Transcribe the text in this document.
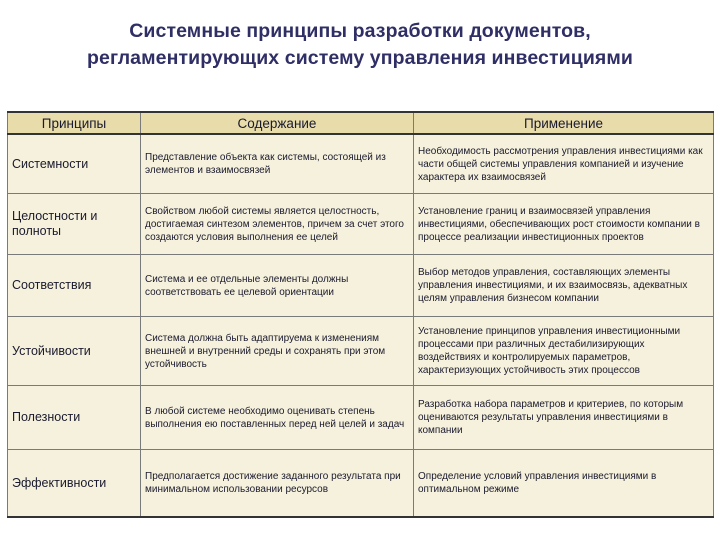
Системные принципы разработки документов,
регламентирующих систему управления инвестициями
Принципы	Содержание	Применение
Системности	Представление объекта как системы, состоящей из элементов и взаимосвязей	Необходимость рассмотрения управления инвестициями как части общей системы управления компанией и изучение характера их взаимосвязей
Целостности и полноты	Свойством любой системы является целостность, достигаемая синтезом элементов, причем за счет этого создаются условия выполнения ее целей	Установление границ и взаимосвязей управления инвестициями, обеспечивающих рост стоимости компании в процессе реализации инвестиционных проектов
Соответствия	Система и ее отдельные элементы должны соответствовать ее целевой ориентации	Выбор методов управления, составляющих элементы управления инвестициями, и их взаимосвязь, адекватных целям управления бизнесом компании
Устойчивости	Система должна быть адаптируема к изменениям внешней и внутренний среды и сохранять при этом устойчивость	Установление принципов управления инвестиционными процессами при различных дестабилизирующих воздействиях и контролируемых параметров, характеризующих устойчивость этих процессов
Полезности	В любой системе необходимо оценивать степень выполнения ею поставленных перед ней целей и задач	Разработка набора параметров и критериев, по которым оцениваются результаты управления инвестициями в компании
Эффективности	Предполагается достижение заданного результата при минимальном использовании ресурсов	Определение условий управления инвестициями в оптимальном режиме
